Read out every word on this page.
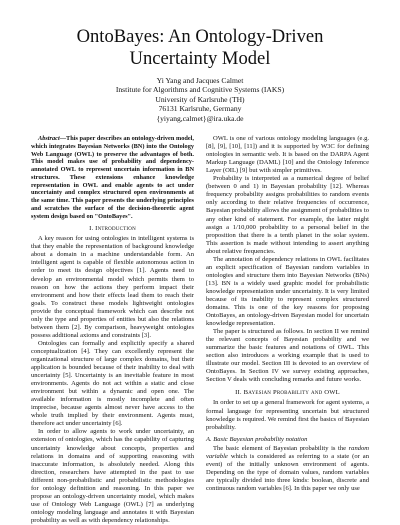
OntoBayes: An Ontology-Driven Uncertainty Model
Yi Yang and Jacques Calmet
Institute for Algorithms and Cognitive Systems (IAKS)
University of Karlsruhe (TH)
76131 Karlsruhe, Germany
{yiyang,calmet}@ira.uka.de

Abstract—This paper describes an ontology-driven model, which integrates Bayesian Networks (BN) into the Ontology Web Language (OWL) to preserve the advantages of both. This model makes use of probability and dependency-annotated OWL to represent uncertain information in BN structures. These extensions enhance knowledge representation in OWL and enable agents to act under uncertainty and complex structured open environments at the same time. This paper presents the underlying principles and scratches the surface of the decision-theoretic agent system design based on "OntoBayes".

I. Introduction

A key reason for using ontologies in intelligent systems is that they enable the representation of background knowledge about a domain in a machine understandable form. An intelligent agent is capable of flexible autonomous action in order to meet its design objectives [1]. Agents need to develop an environmental model which permits them to reason on how the actions they perform impact their environment and how their effects lead them to reach their goals. To construct these models lightweight ontologies provide the conceptual framework which can describe not only the type and properties of entities but also the relations between them [2]. By comparison, heavyweight ontologies possess additional axioms and constraints [3].

Ontologies can formally and explicitly specify a shared conceptualization [4]. They can excellently represent the organizational structure of large complex domains, but their application is bounded because of their inability to deal with uncertainty [5]. Uncertainty is an inevitable feature in most environments. Agents do not act within a static and close environment but within a dynamic and open one. The available information is mostly incomplete and often imprecise, because agents almost never have access to the whole truth implied by their environment. Agents must, therefore act under uncertainty [6].

In order to allow agents to work under uncertainty, an extension of ontologies, which has the capability of capturing uncertainty knowledge about concepts, properties and relations in domains and of supporting reasoning with inaccurate information, is absolutely needed. Along this direction, researchers have attempted in the past to use different non-probabilistic and probabilistic methodologies for ontology definition and reasoning. In this paper we propose an ontology-driven uncertainty model, which makes use of Ontology Web Language (OWL) [7] as underlying ontology modeling language and annotates it with Bayesian probability as well as with dependency relationships.

OWL is one of various ontology modeling languages (e.g. [8], [9], [10], [11]) and it is supported by W3C for defining ontologies in semantic web. It is based on the DARPA Agent Markup Language (DAML) [10] and the Ontology Inference Layer (OIL) [9] but with simpler primitives.

Probability is interpreted as a numerical degree of belief (between 0 and 1) in Bayesian probability [12]. Whereas frequency probability assigns probabilities to random events only according to their relative frequencies of occurrence, Bayesian probability allows the assignment of probabilities to any other kind of statement. For example, the latter might assign a 1/10,000 probability to a personal belief in the proposition that there is a tenth planet in the solar system. This assertion is made without intending to assert anything about relative frequencies.

The annotation of dependency relations in OWL facilitates an explicit specification of Bayesian random variables in ontologies and structure them into Bayesian Networks (BNs) [13]. BN is a widely used graphic model for probabilistic knowledge representation under uncertainty. It is very limited because of its inability to represent complex structured domains. This is one of the key reasons for proposing OntoBayes, an ontology-driven Bayesian model for uncertain knowledge representation.

The paper is structured as follows. In section II we remind the relevant concepts of Bayesian probability and we summarize the basic features and notations of OWL. This section also introduces a working example that is used to illustrate our model. Section III is devoted to an overview of OntoBayes. In Section IV we survey existing approaches, Section V deals with concluding remarks and future works.

II. Bayesian Probability and OWL

In order to set up a general framework for agent systems, a formal language for representing uncertain but structured knowledge is required. We remind first the basics of Bayesian probability.

A. Basic Bayesian probability notation

The basic element of Bayesian probability is the random variable which is considered as referring to a state (or an event) of the initially unknown environment of agents. Depending on the type of domain values, random variables are typically divided into three kinds: boolean, discrete and continuous random variables [6]. In this paper we only use
